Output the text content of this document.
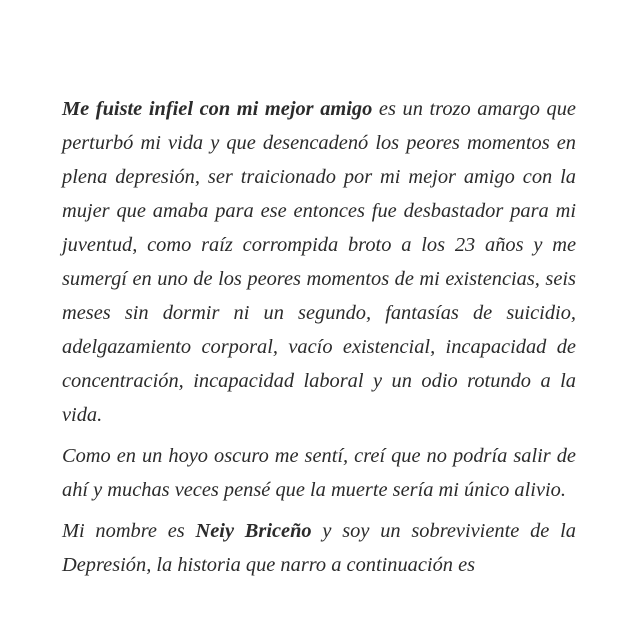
Me fuiste infiel con mi mejor amigo es un trozo amargo que perturbó mi vida y que desencadenó los peores momentos en plena depresión, ser traicionado por mi mejor amigo con la mujer que amaba para ese entonces fue desbastador para mi juventud, como raíz corrompida broto a los 23 años y me sumergí en uno de los peores momentos de mi existencias, seis meses sin dormir ni un segundo, fantasías de suicidio, adelgazamiento corporal, vacío existencial, incapacidad de concentración, incapacidad laboral y un odio rotundo a la vida.

Como en un hoyo oscuro me sentí, creí que no podría salir de ahí y muchas veces pensé que la muerte sería mi único alivio.

Mi nombre es Neiy Briceño y soy un sobreviviente de la Depresión, la historia que narro a continuación es
